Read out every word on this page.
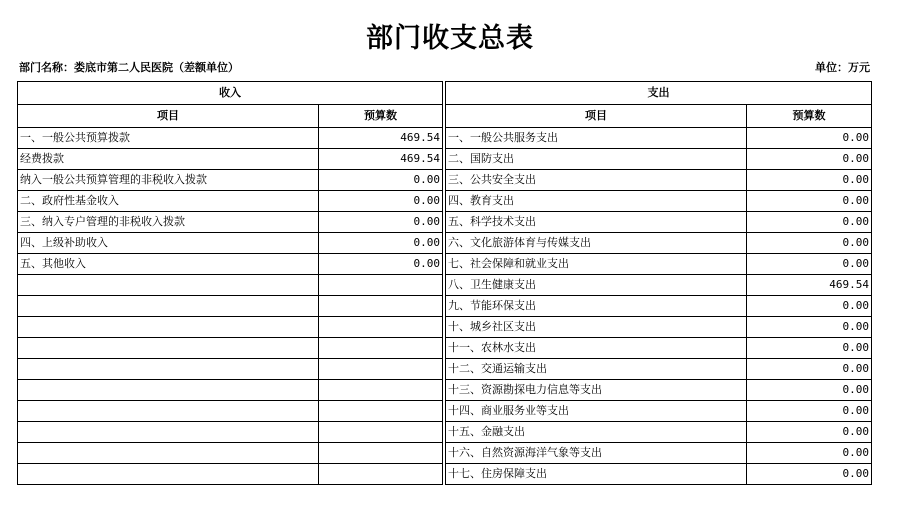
部门收支总表
部门名称：娄底市第二人民医院（差额单位）	单位：万元
收入			支出	
项目	预算数		项目	预算数
一、一般公共预算拨款	469.54		一、一般公共服务支出	0.00
经费拨款	469.54		二、国防支出	0.00
纳入一般公共预算管理的非税收入拨款	0.00		三、公共安全支出	0.00
二、政府性基金收入	0.00		四、教育支出	0.00
三、纳入专户管理的非税收入拨款	0.00		五、科学技术支出	0.00
四、上级补助收入	0.00		六、文化旅游体育与传媒支出	0.00
五、其他收入	0.00		七、社会保障和就业支出	0.00
			八、卫生健康支出	469.54
			九、节能环保支出	0.00
			十、城乡社区支出	0.00
			十一、农林水支出	0.00
			十二、交通运输支出	0.00
			十三、资源勘探电力信息等支出	0.00
			十四、商业服务业等支出	0.00
			十五、金融支出	0.00
			十六、自然资源海洋气象等支出	0.00
			十七、住房保障支出	0.00
